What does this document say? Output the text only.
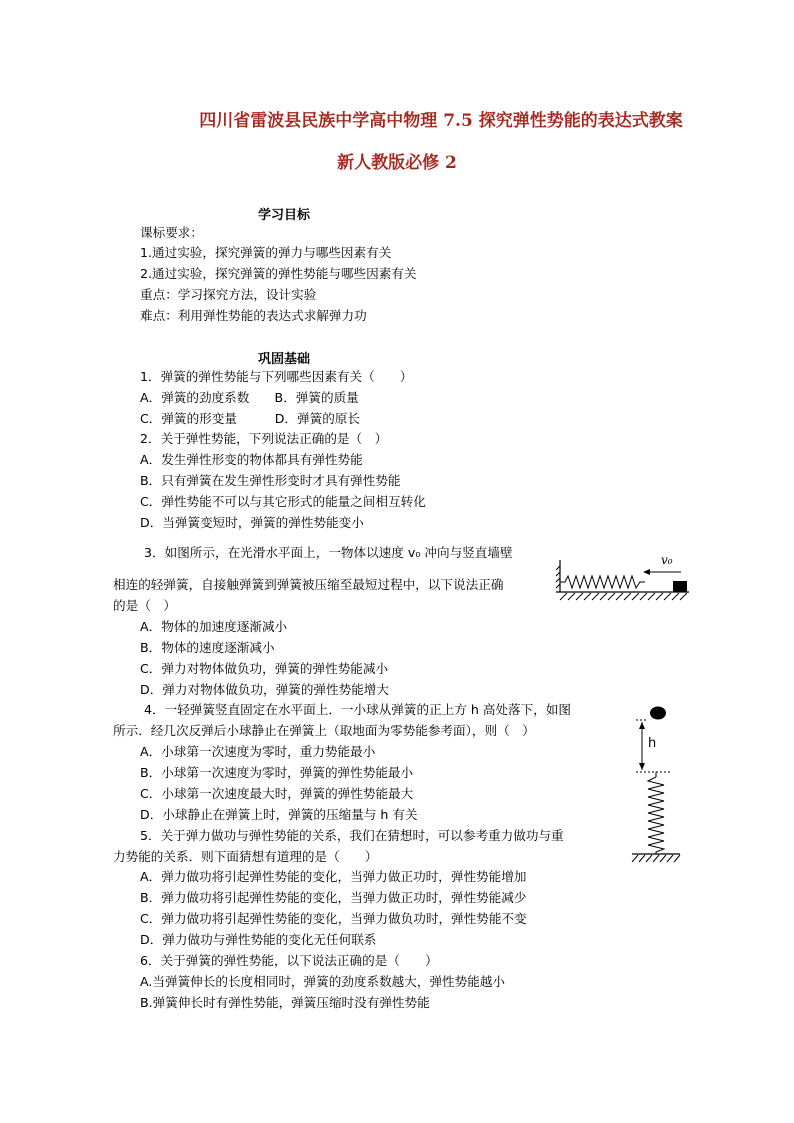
四川省雷波县民族中学高中物理 7.5 探究弹性势能的表达式教案
新人教版必修 2
学习目标
课标要求：
1.通过实验，探究弹簧的弹力与哪些因素有关
2.通过实验，探究弹簧的弹性势能与哪些因素有关
重点：学习探究方法，设计实验
难点：利用弹性势能的表达式求解弹力功
巩固基础
1．弹簧的弹性势能与下列哪些因素有关（　　）
A．弹簧的劲度系数　　B．弹簧的质量
C．弹簧的形变量　　　D．弹簧的原长
2．关于弹性势能，下列说法正确的是（　）
A．发生弹性形变的物体都具有弹性势能
B．只有弹簧在发生弹性形变时才具有弹性势能
C．弹性势能不可以与其它形式的能量之间相互转化
D．当弹簧变短时，弹簧的弹性势能变小
3．如图所示，在光滑水平面上，一物体以速度 v₀ 冲向与竖直墙壁
相连的轻弹簧，自接触弹簧到弹簧被压缩至最短过程中，以下说法正确
的是（　）
v₀
A．物体的加速度逐渐减小
B．物体的速度逐渐减小
C．弹力对物体做负功，弹簧的弹性势能减小
D．弹力对物体做负功，弹簧的弹性势能增大
4．一轻弹簧竖直固定在水平面上．一小球从弹簧的正上方 h 高处落下，如图
所示．经几次反弹后小球静止在弹簧上（取地面为零势能参考面），则（　）
A．小球第一次速度为零时，重力势能最小
B．小球第一次速度为零时，弹簧的弹性势能最小
C．小球第一次速度最大时，弹簧的弹性势能最大
D．小球静止在弹簧上时，弹簧的压缩量与 h 有关
h
5．关于弹力做功与弹性势能的关系，我们在猜想时，可以参考重力做功与重
力势能的关系．则下面猜想有道理的是（　　）
A．弹力做功将引起弹性势能的变化，当弹力做正功时，弹性势能增加
B．弹力做功将引起弹性势能的变化，当弹力做正功时，弹性势能减少
C．弹力做功将引起弹性势能的变化，当弹力做负功时，弹性势能不变
D．弹力做功与弹性势能的变化无任何联系
6．关于弹簧的弹性势能，以下说法正确的是（　　）
A.当弹簧伸长的长度相同时，弹簧的劲度系数越大，弹性势能越小
B.弹簧伸长时有弹性势能，弹簧压缩时没有弹性势能
